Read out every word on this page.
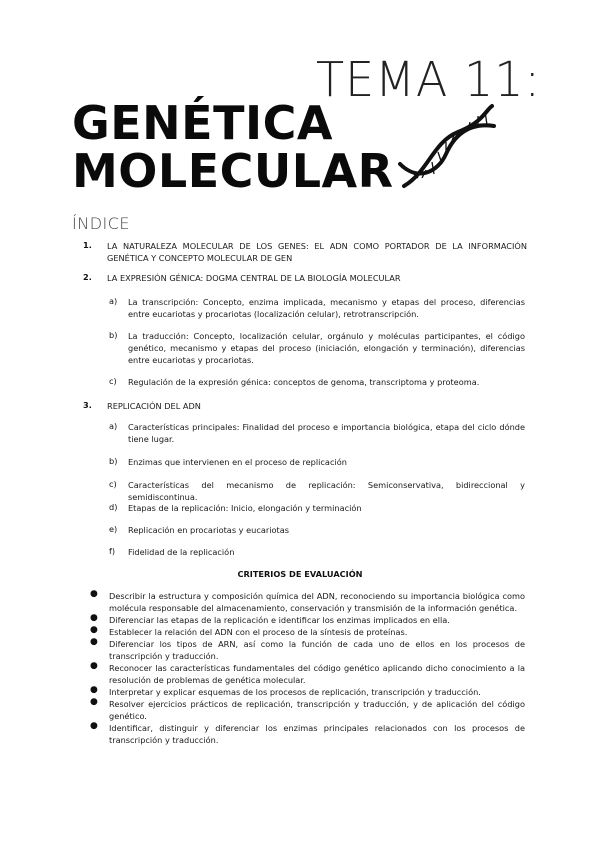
TEMA 11:
GENÉTICA
MOLECULAR
ÍNDICE
1. LA NATURALEZA MOLECULAR DE LOS GENES: EL ADN COMO PORTADOR DE LA INFORMACIÓN GENÉTICA Y CONCEPTO MOLECULAR DE GEN
2. LA EXPRESIÓN GÉNICA: DOGMA CENTRAL DE LA BIOLOGÍA MOLECULAR
a) La transcripción: Concepto, enzima implicada, mecanismo y etapas del proceso, diferencias entre eucariotas y procariotas (localización celular), retrotranscripción.
b) La traducción: Concepto, localización celular, orgánulo y moléculas participantes, el código genético, mecanismo y etapas del proceso (iniciación, elongación y terminación), diferencias entre eucariotas y procariotas.
c) Regulación de la expresión génica: conceptos de genoma, transcriptoma y proteoma.
3. REPLICACIÓN DEL ADN
a) Características principales: Finalidad del proceso e importancia biológica, etapa del ciclo dónde tiene lugar.
b) Enzimas que intervienen en el proceso de replicación
c) Características del mecanismo de replicación: Semiconservativa, bidireccional y semidiscontinua.
d) Etapas de la replicación: Inicio, elongación y terminación
e) Replicación en procariotas y eucariotas
f) Fidelidad de la replicación
CRITERIOS DE EVALUACIÓN
● Describir la estructura y composición química del ADN, reconociendo su importancia biológica como molécula responsable del almacenamiento, conservación y transmisión de la información genética.
● Diferenciar las etapas de la replicación e identificar los enzimas implicados en ella.
● Establecer la relación del ADN con el proceso de la síntesis de proteínas.
● Diferenciar los tipos de ARN, así como la función de cada uno de ellos en los procesos de transcripción y traducción.
● Reconocer las características fundamentales del código genético aplicando dicho conocimiento a la resolución de problemas de genética molecular.
● Interpretar y explicar esquemas de los procesos de replicación, transcripción y traducción.
● Resolver ejercicios prácticos de replicación, transcripción y traducción, y de aplicación del código genético.
● Identificar, distinguir y diferenciar los enzimas principales relacionados con los procesos de transcripción y traducción.
